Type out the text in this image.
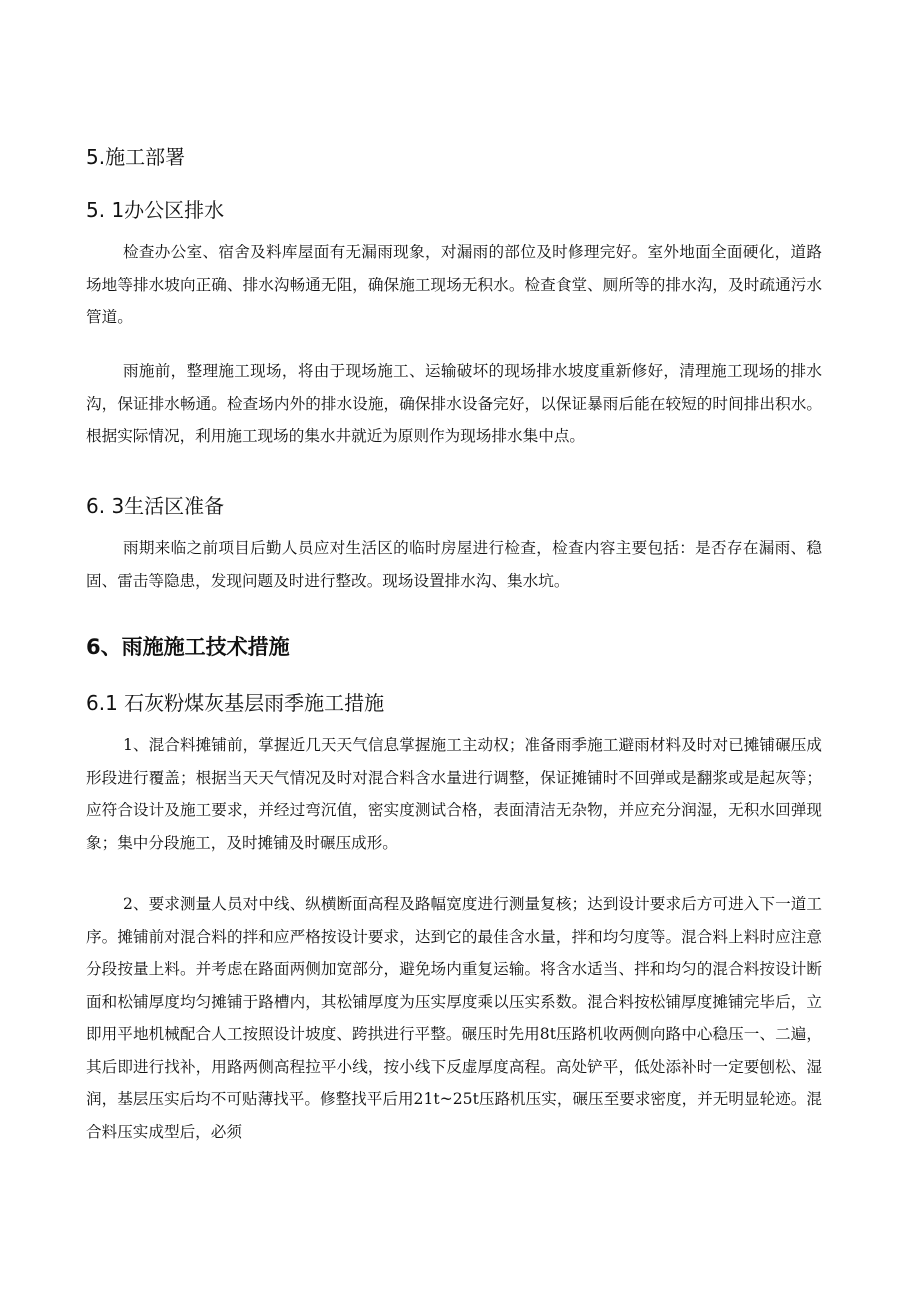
5.施工部署
5. 1办公区排水

检查办公室、宿舍及料库屋面有无漏雨现象，对漏雨的部位及时修理完好。室外地面全面硬化，道路场地等排水坡向正确、排水沟畅通无阻，确保施工现场无积水。检查食堂、厕所等的排水沟，及时疏通污水管道。

雨施前，整理施工现场，将由于现场施工、运输破坏的现场排水坡度重新修好，清理施工现场的排水沟，保证排水畅通。检查场内外的排水设施，确保排水设备完好，以保证暴雨后能在较短的时间排出积水。根据实际情况，利用施工现场的集水井就近为原则作为现场排水集中点。

6. 3生活区准备

雨期来临之前项目后勤人员应对生活区的临时房屋进行检查，检查内容主要包括：是否存在漏雨、稳固、雷击等隐患，发现问题及时进行整改。现场设置排水沟、集水坑。

6、雨施施工技术措施
6.1 石灰粉煤灰基层雨季施工措施

1、混合料摊铺前，掌握近几天天气信息掌握施工主动权；准备雨季施工避雨材料及时对已摊铺碾压成形段进行覆盖；根据当天天气情况及时对混合料含水量进行调整，保证摊铺时不回弹或是翻浆或是起灰等；应符合设计及施工要求，并经过弯沉值，密实度测试合格，表面清洁无杂物，并应充分润湿，无积水回弹现象；集中分段施工，及时摊铺及时碾压成形。

2、要求测量人员对中线、纵横断面高程及路幅宽度进行测量复核；达到设计要求后方可进入下一道工序。摊铺前对混合料的拌和应严格按设计要求，达到它的最佳含水量，拌和均匀度等。混合料上料时应注意分段按量上料。并考虑在路面两侧加宽部分，避免场内重复运输。将含水适当、拌和均匀的混合料按设计断面和松铺厚度均匀摊铺于路槽内，其松铺厚度为压实厚度乘以压实系数。混合料按松铺厚度摊铺完毕后，立即用平地机械配合人工按照设计坡度、跨拱进行平整。碾压时先用8t压路机收两侧向路中心稳压一、二遍，其后即进行找补，用路两侧高程拉平小线，按小线下反虚厚度高程。高处铲平，低处添补时一定要刨松、湿润，基层压实后均不可贴薄找平。修整找平后用21t~25t压路机压实，碾压至要求密度，并无明显轮迹。混合料压实成型后，必须
